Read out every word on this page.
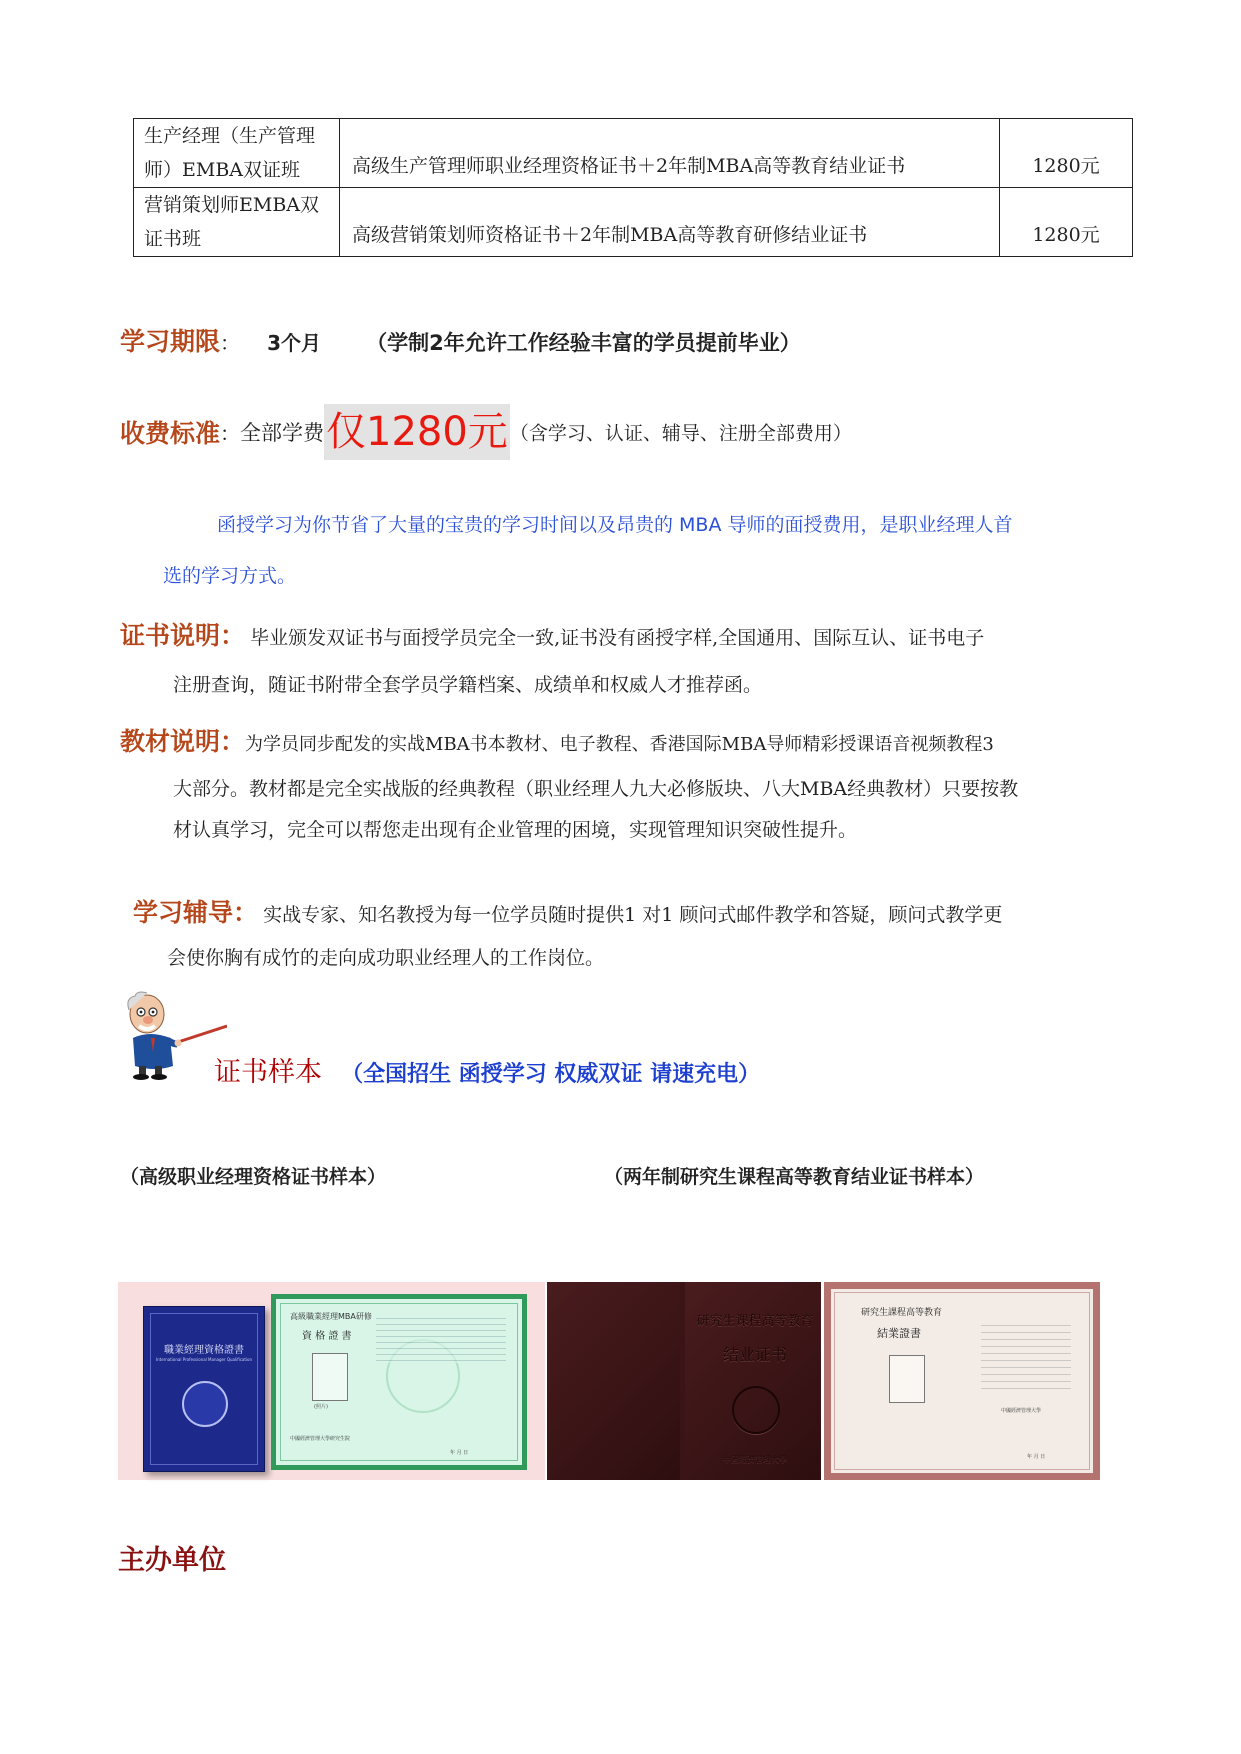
生产经理（生产管理师）EMBA双证班	高级生产管理师职业经理资格证书＋2年制MBA高等教育结业证书	1280元
营销策划师EMBA双证书班	高级营销策划师资格证书＋2年制MBA高等教育研修结业证书	1280元
学习期限： 3个月 （学制2年允许工作经验丰富的学员提前毕业）
收费标准：全部学费仅1280元 （含学习、认证、辅导、注册全部费用）
函授学习为你节省了大量的宝贵的学习时间以及昂贵的 MBA 导师的面授费用，是职业经理人首
选的学习方式。
证书说明： 毕业颁发双证书与面授学员完全一致,证书没有函授字样,全国通用、国际互认、证书电子
注册查询，随证书附带全套学员学籍档案、成绩单和权威人才推荐函。
教材说明：为学员同步配发的实战MBA书本教材、电子教程、香港国际MBA导师精彩授课语音视频教程3
大部分。教材都是完全实战版的经典教程（职业经理人九大必修版块、八大MBA经典教材）只要按教
材认真学习，完全可以帮您走出现有企业管理的困境，实现管理知识突破性提升。
学习辅导： 实战专家、知名教授为每一位学员随时提供1 对1 顾问式邮件教学和答疑，顾问式教学更
会使你胸有成竹的走向成功职业经理人的工作岗位。
证书样本 （全国招生 函授学习 权威双证 请速充电）
（高级职业经理资格证书样本）	（两年制研究生课程高等教育结业证书样本）
職業經理資格證書
International Professional Manager Qualification
高級職業經理MBA研修
資 格 證 書
(照片)
中國經濟管理大學研究生院
年 月 日
研究生课程高等教育
结业证书
中國經濟管理大學
研究生課程高等教育
結業證書
中國經濟管理大學
年 月 日
主办单位
